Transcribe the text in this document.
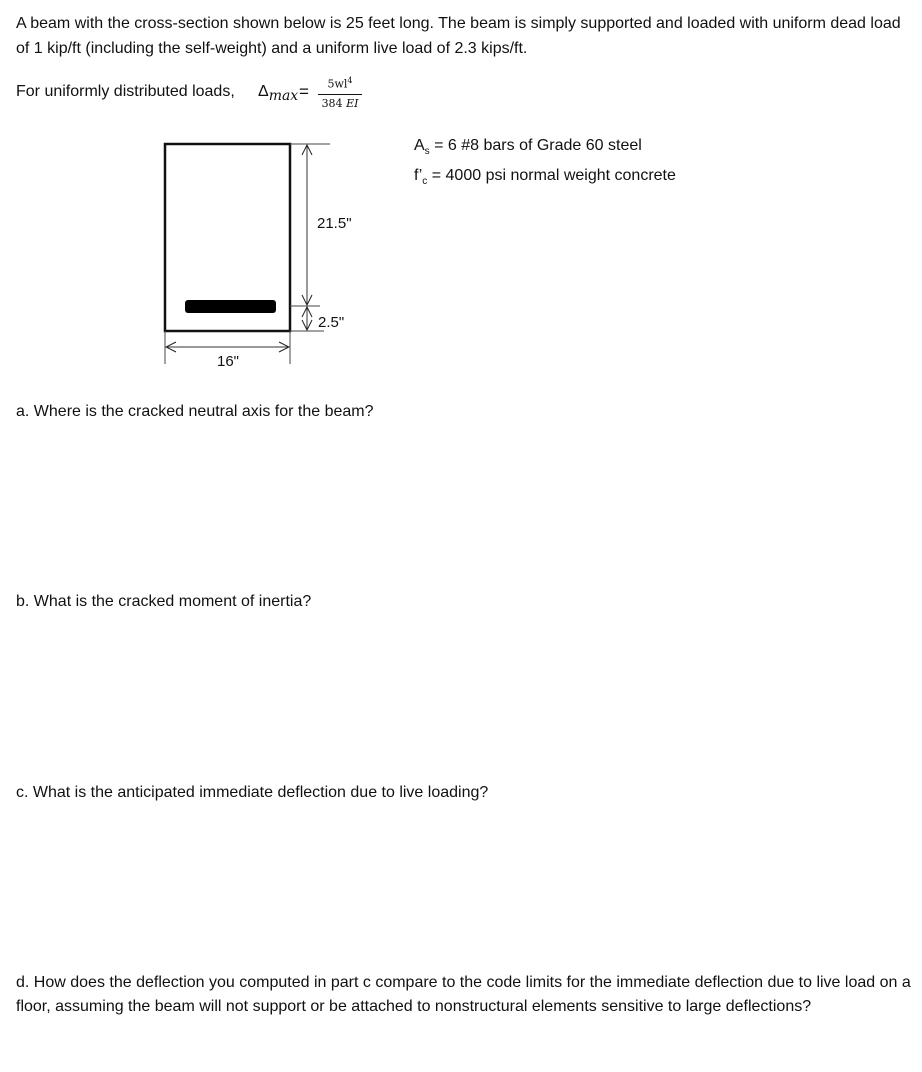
A beam with the cross-section shown below is 25 feet long. The beam is simply supported and loaded with uniform dead load of 1 kip/ft (including the self-weight) and a uniform live load of 2.3 kips/ft.
For uniformly distributed loads, Δmax =	$5wl^4$
384 EI
21.5"
2.5"
16"
$A_s = 6$ #8 bars of Grade 60 steel
$f’_c = 4000$ psi normal weight concrete
a. Where is the cracked neutral axis for the beam?
b. What is the cracked moment of inertia?
c. What is the anticipated immediate deflection due to live loading?
d. How does the deflection you computed in part c compare to the code limits for the immediate deflection due to live load on a floor, assuming the beam will not support or be attached to nonstructural elements sensitive to large deflections?
